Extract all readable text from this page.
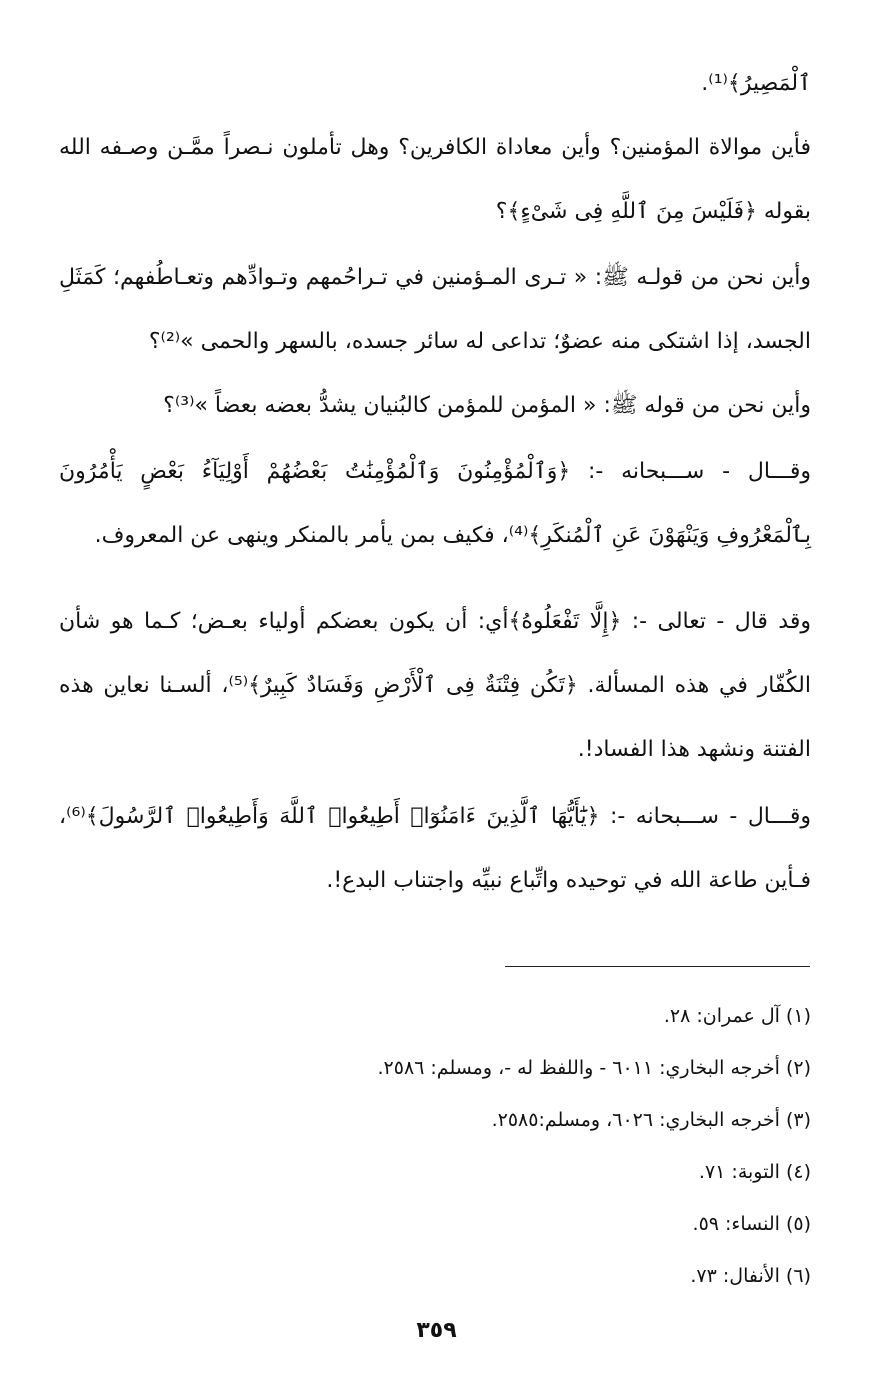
ٱلْمَصِيرُ﴾⁽¹⁾.

فأين موالاة المؤمنين؟ وأين معاداة الكافرين؟ وهل تأملون نـصراً ممَّـن وصـفه الله بقوله ﴿فَلَيْسَ مِنَ ٱللَّهِ فِى شَىْءٍ﴾؟

وأين نحن من قولـه ﷺ: « تـرى المـؤمنين في تـراحُمهم وتـوادِّهم وتعـاطُفهم؛ كَمَثَلِ الجسد، إذا اشتكى منه عضوٌ؛ تداعى له سائر جسده، بالسهر والحمى »⁽²⁾؟

وأين نحن من قوله ﷺ: « المؤمن للمؤمن كالبُنيان يشدُّ بعضه بعضاً »⁽³⁾؟

وقـــال - ســـبحانه -: ﴿وَٱلْمُؤْمِنُونَ وَٱلْمُؤْمِنَٰتُ بَعْضُهُمْ أَوْلِيَآءُ بَعْضٍ يَأْمُرُونَ بِٱلْمَعْرُوفِ وَيَنْهَوْنَ عَنِ ٱلْمُنكَرِ﴾⁽⁴⁾، فكيف بمن يأمر بالمنكر وينهى عن المعروف.

وقد قال - تعالى -: ﴿إِلَّا تَفْعَلُوهُ﴾أي: أن يكون بعضكم أولياء بعـض؛ كـما هو شأن الكُفّار في هذه المسألة. ﴿تَكُن فِتْنَةٌ فِى ٱلْأَرْضِ وَفَسَادٌ كَبِيرٌ﴾⁽⁵⁾، ألسـنا نعاين هذه الفتنة ونشهد هذا الفساد!.

وقـــال - ســـبحانه -: ﴿يَٰٓأَيُّهَا ٱلَّذِينَ ءَامَنُوٓا۟ أَطِيعُوا۟ ٱللَّهَ وَأَطِيعُوا۟ ٱلرَّسُولَ﴾⁽⁶⁾، فـأين طاعة الله في توحيده واتِّباع نبيِّه واجتناب البدع!.

(١) آل عمران: ٢٨.

(٢) أخرجه البخاري: ٦٠١١ - واللفظ له -، ومسلم: ٢٥٨٦.

(٣) أخرجه البخاري: ٦٠٢٦، ومسلم:٢٥٨٥.

(٤) التوبة: ٧١.

(٥) النساء: ٥٩.

(٦) الأنفال: ٧٣.

٣٥٩
